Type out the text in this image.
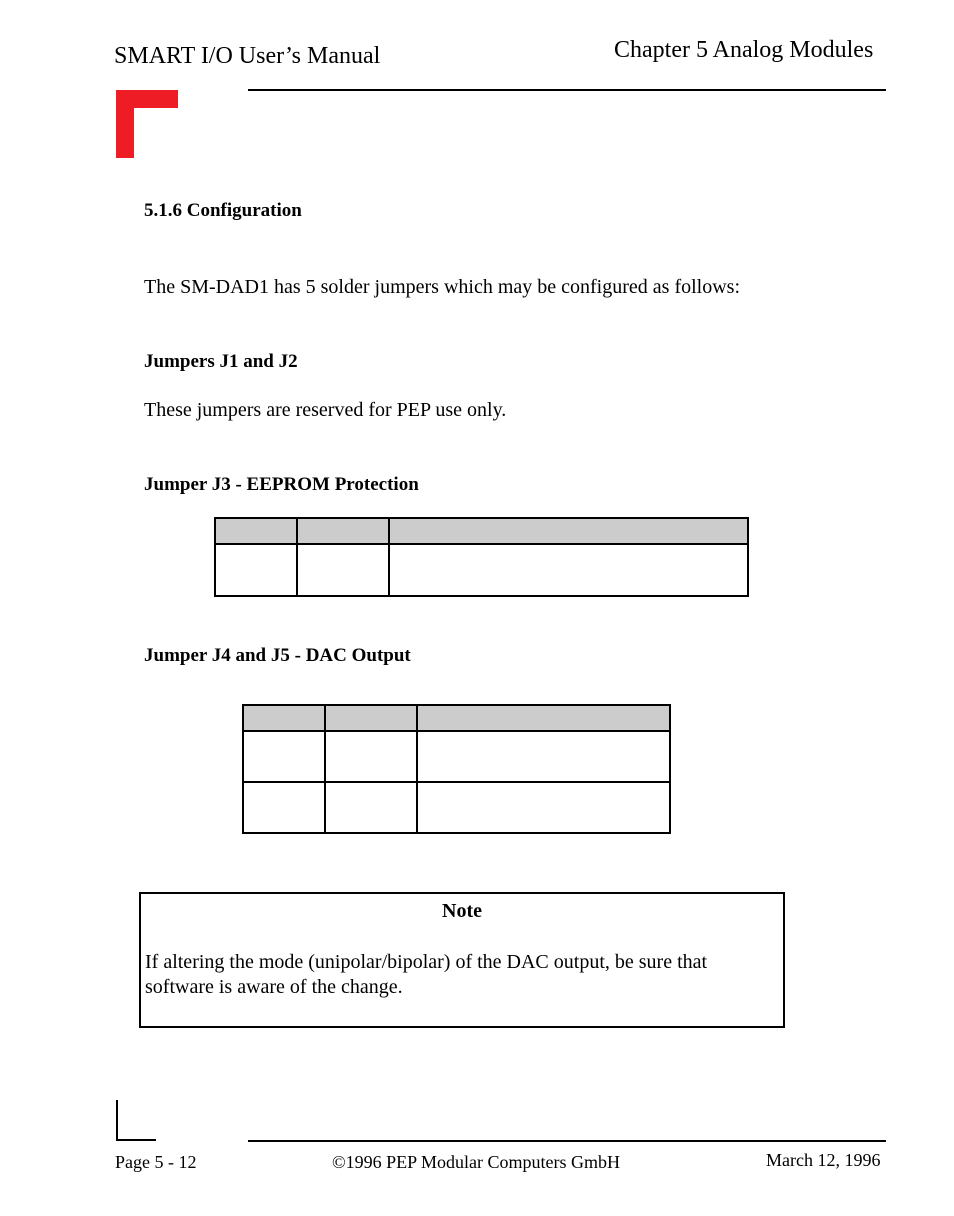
SMART I/O User’s Manual	Chapter 5 Analog Modules
5.1.6 Configuration
The SM-DAD1 has 5 solder jumpers which may be configured as follows:
Jumpers J1 and J2
These jumpers are reserved for PEP use only.
Jumper J3 - EEPROM Protection

Jumper J4 and J5 - DAC Output

Note
If altering the mode (unipolar/bipolar) of the DAC output, be sure that software is aware of the change.
Page 5 - 12	©1996 PEP Modular Computers GmbH	March 12, 1996
